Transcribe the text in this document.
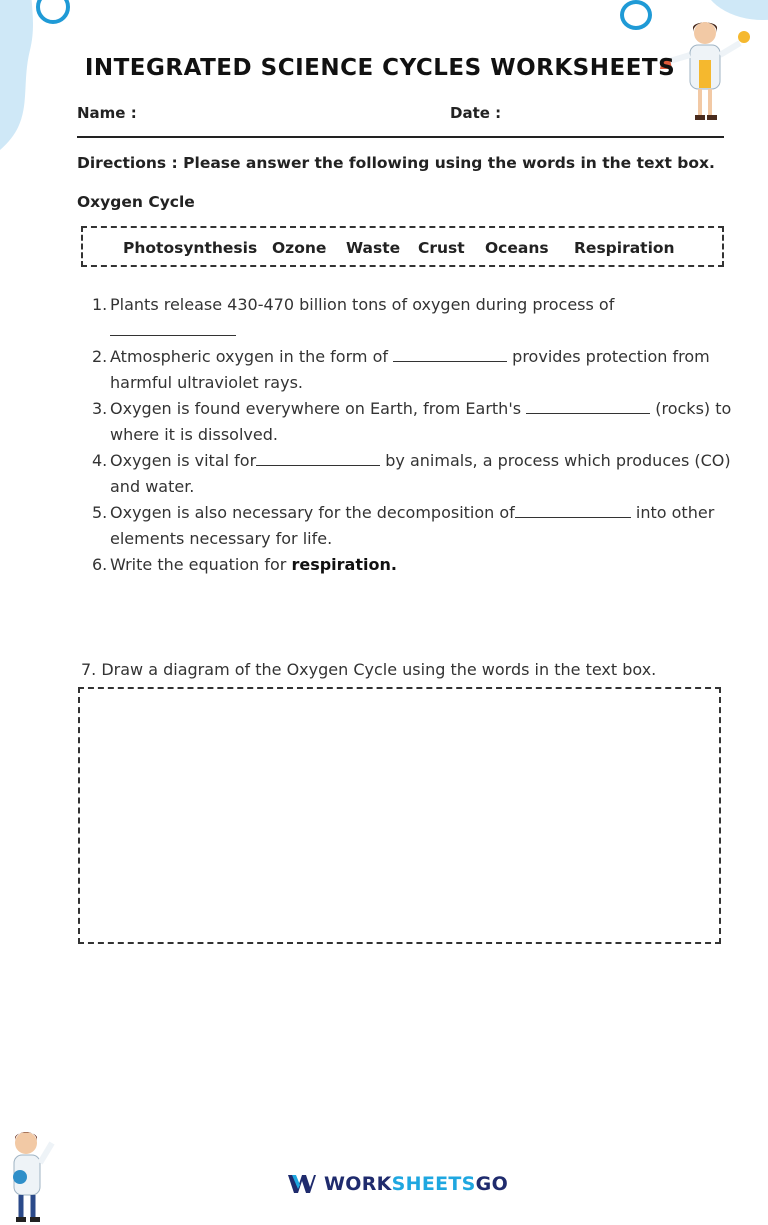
INTEGRATED SCIENCE CYCLES WORKSHEETS
Name :	Date :
Directions : Please answer the following using the words in the text box.
Oxygen Cycle
Photosynthesis Ozone Waste Crust Oceans Respiration
1. Plants release 430-470 billion tons of oxygen during process of

2. Atmospheric oxygen in the form of	provides protection from harmful ultraviolet rays.
3. Oxygen is found everywhere on Earth, from Earth's	(rocks) to where it is dissolved.
4. Oxygen is vital for	by animals, a process which produces (CO) and water.
5. Oxygen is also necessary for the decomposition of	into other elements necessary for life.
6. Write the equation for respiration.
7. Draw a diagram of the Oxygen Cycle using the words in the text box.
WORKSHEETSGO
